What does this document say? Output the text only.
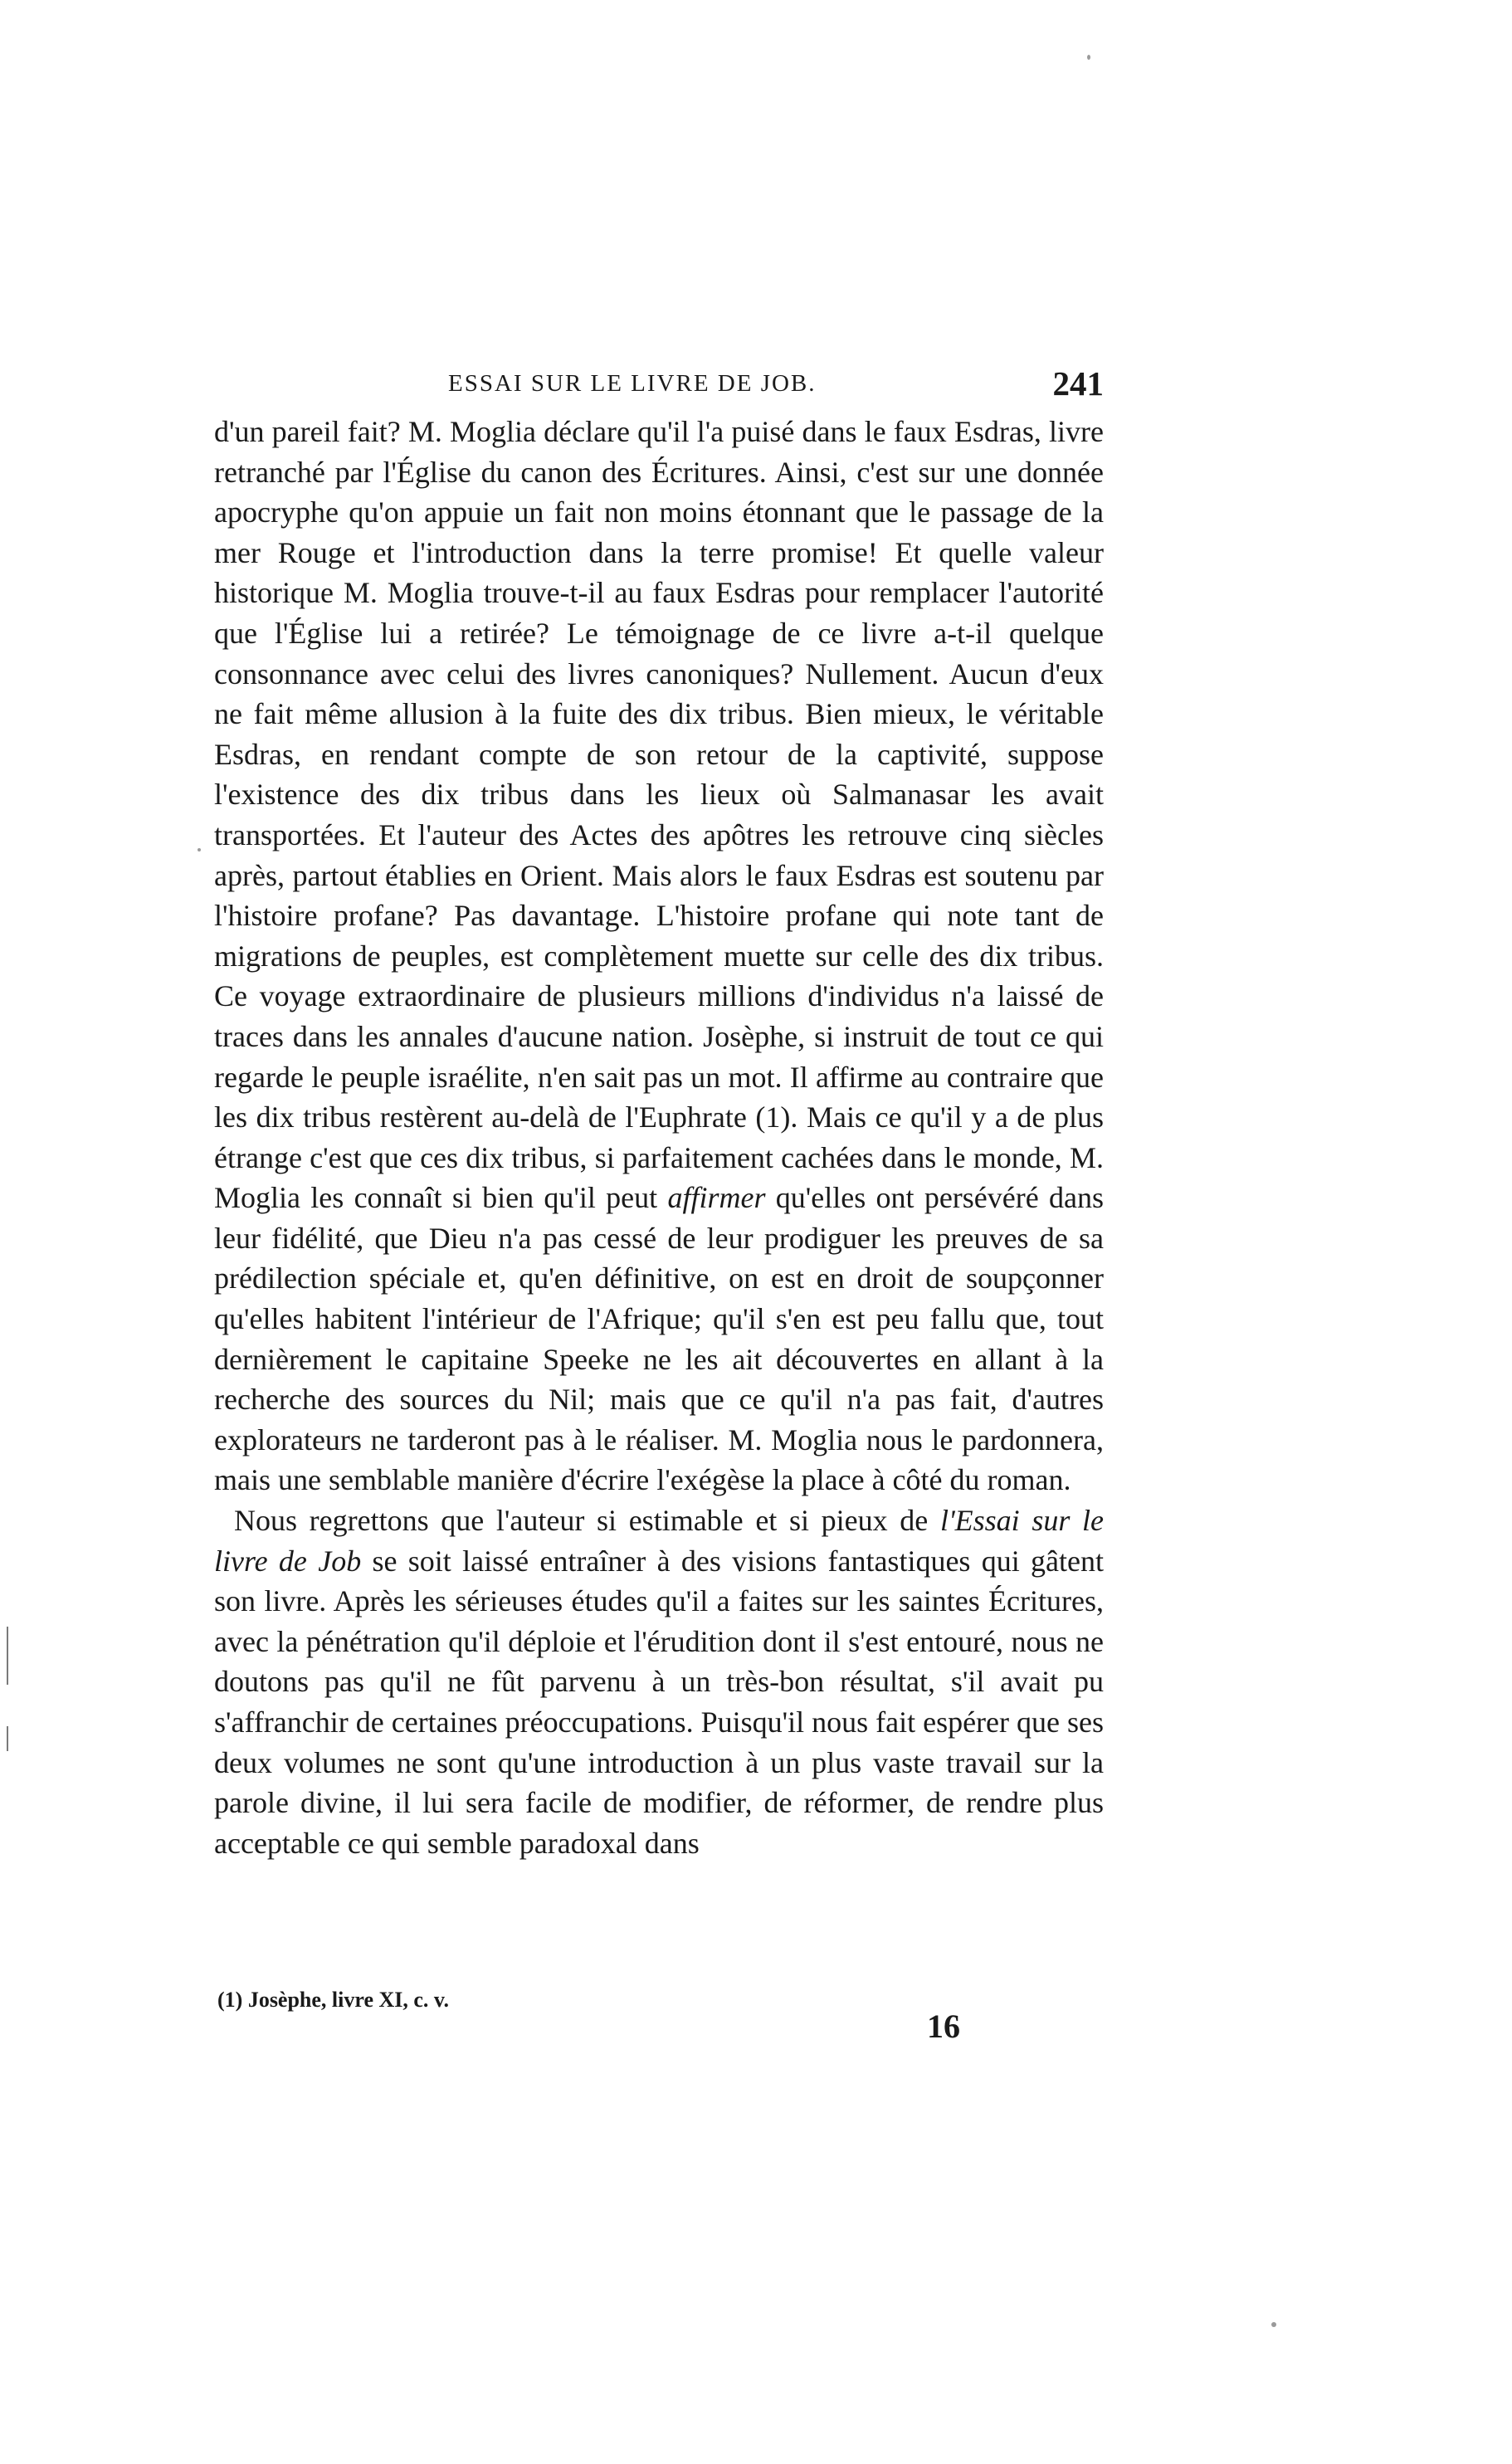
ESSAI SUR LE LIVRE DE JOB.	241

d'un pareil fait? M. Moglia déclare qu'il l'a puisé dans le faux Esdras, livre retranché par l'Église du canon des Écritures. Ainsi, c'est sur une donnée apocryphe qu'on appuie un fait non moins étonnant que le passage de la mer Rouge et l'introduction dans la terre promise! Et quelle valeur historique M. Moglia trouve-t-il au faux Esdras pour remplacer l'autorité que l'Église lui a retirée? Le témoignage de ce livre a-t-il quelque consonnance avec celui des livres canoniques? Nullement. Aucun d'eux ne fait même allusion à la fuite des dix tribus. Bien mieux, le véritable Esdras, en rendant compte de son retour de la captivité, suppose l'existence des dix tribus dans les lieux où Salmanasar les avait transportées. Et l'auteur des Actes des apôtres les retrouve cinq siècles après, partout établies en Orient. Mais alors le faux Esdras est soutenu par l'histoire profane? Pas davantage. L'histoire profane qui note tant de migrations de peuples, est complètement muette sur celle des dix tribus. Ce voyage extraordinaire de plusieurs millions d'individus n'a laissé de traces dans les annales d'aucune nation. Josèphe, si instruit de tout ce qui regarde le peuple israélite, n'en sait pas un mot. Il affirme au contraire que les dix tribus restèrent au-delà de l'Euphrate (1). Mais ce qu'il y a de plus étrange c'est que ces dix tribus, si parfaitement cachées dans le monde, M. Moglia les connaît si bien qu'il peut affirmer qu'elles ont persévéré dans leur fidélité, que Dieu n'a pas cessé de leur prodiguer les preuves de sa prédilection spéciale et, qu'en définitive, on est en droit de soupçonner qu'elles habitent l'intérieur de l'Afrique; qu'il s'en est peu fallu que, tout dernièrement le capitaine Speeke ne les ait découvertes en allant à la recherche des sources du Nil; mais que ce qu'il n'a pas fait, d'autres explorateurs ne tarderont pas à le réaliser. M. Moglia nous le pardonnera, mais une semblable manière d'écrire l'exégèse la place à côté du roman.

Nous regrettons que l'auteur si estimable et si pieux de l'Essai sur le livre de Job se soit laissé entraîner à des visions fantastiques qui gâtent son livre. Après les sérieuses études qu'il a faites sur les saintes Écritures, avec la pénétration qu'il déploie et l'érudition dont il s'est entouré, nous ne doutons pas qu'il ne fût parvenu à un très-bon résultat, s'il avait pu s'affranchir de certaines préoccupations. Puisqu'il nous fait espérer que ses deux volumes ne sont qu'une introduction à un plus vaste travail sur la parole divine, il lui sera facile de modifier, de réformer, de rendre plus acceptable ce qui semble paradoxal dans

(1) Josèphe, livre XI, c. v.
16
